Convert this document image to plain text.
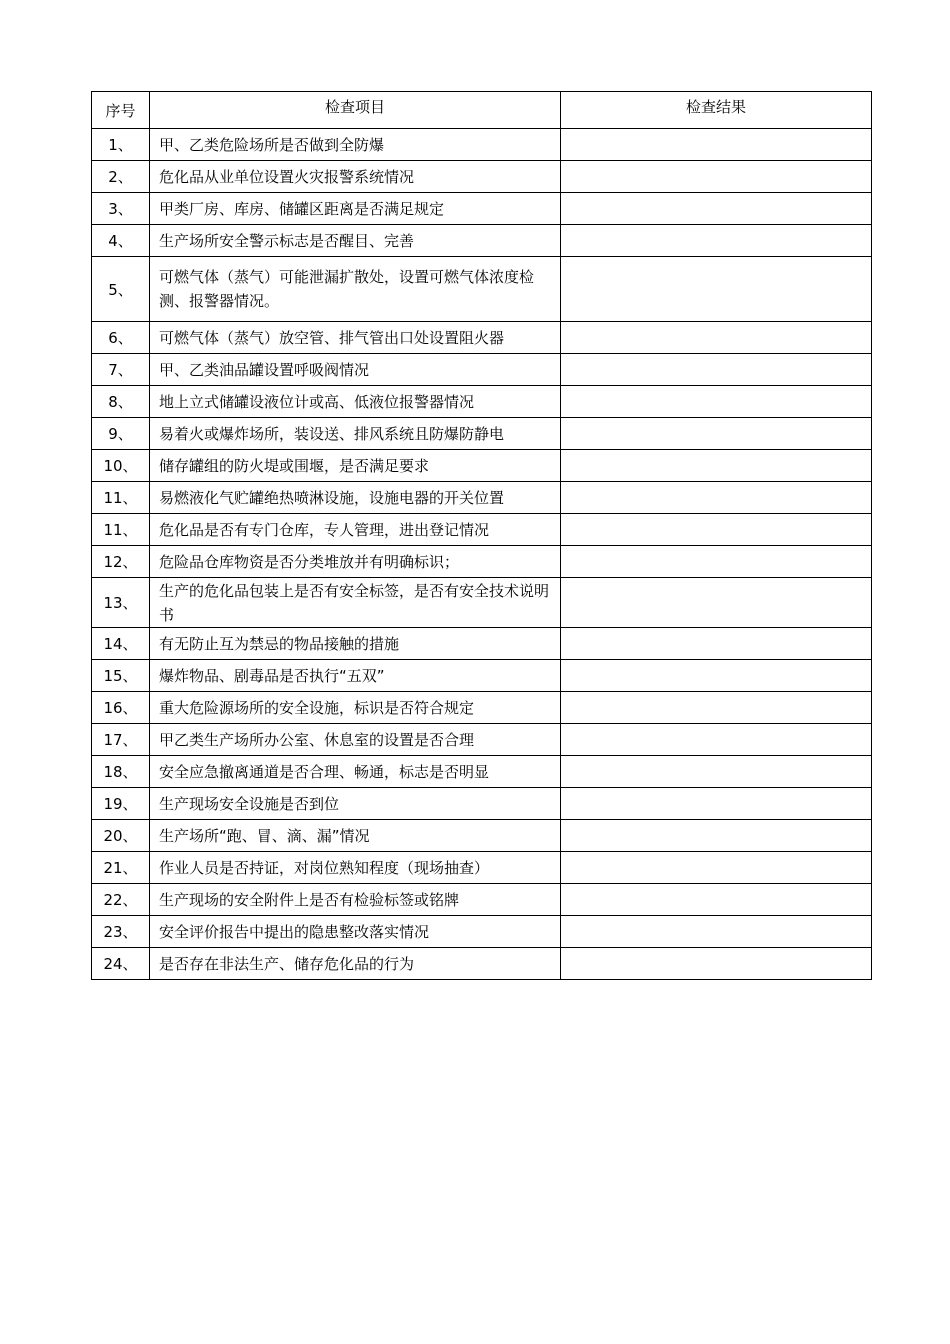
序号	检查项目	检查结果
1、	甲、乙类危险场所是否做到全防爆	
2、	危化品从业单位设置火灾报警系统情况	
3、	甲类厂房、库房、储罐区距离是否满足规定	
4、	生产场所安全警示标志是否醒目、完善	
5、	可燃气体（蒸气）可能泄漏扩散处，设置可燃气体浓度检测、报警器情况。	
6、	可燃气体（蒸气）放空管、排气管出口处设置阻火器	
7、	甲、乙类油品罐设置呼吸阀情况	
8、	地上立式储罐设液位计或高、低液位报警器情况	
9、	易着火或爆炸场所，装设送、排风系统且防爆防静电	
10、	储存罐组的防火堤或围堰，是否满足要求	
11、	易燃液化气贮罐绝热喷淋设施，设施电器的开关位置	
11、	危化品是否有专门仓库，专人管理，进出登记情况	
12、	危险品仓库物资是否分类堆放并有明确标识；	
13、	生产的危化品包装上是否有安全标签，是否有安全技术说明书	
14、	有无防止互为禁忌的物品接触的措施	
15、	爆炸物品、剧毒品是否执行“五双”	
16、	重大危险源场所的安全设施，标识是否符合规定	
17、	甲乙类生产场所办公室、休息室的设置是否合理	
18、	安全应急撤离通道是否合理、畅通，标志是否明显	
19、	生产现场安全设施是否到位	
20、	生产场所“跑、冒、滴、漏”情况	
21、	作业人员是否持证，对岗位熟知程度（现场抽查）	
22、	生产现场的安全附件上是否有检验标签或铭牌	
23、	安全评价报告中提出的隐患整改落实情况	
24、	是否存在非法生产、储存危化品的行为	
